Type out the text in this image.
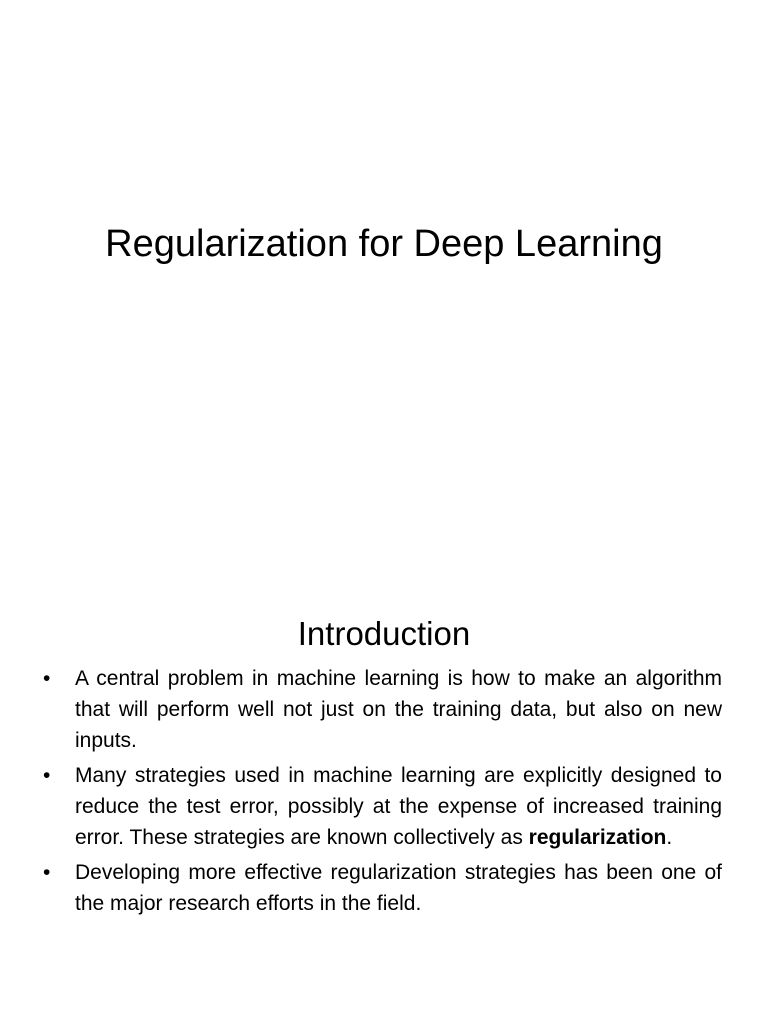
Regularization for Deep Learning
Introduction
• A central problem in machine learning is how to make an algorithm that will perform well not just on the training data, but also on new inputs.
• Many strategies used in machine learning are explicitly designed to reduce the test error, possibly at the expense of increased training error. These strategies are known collectively as regularization.
• Developing more effective regularization strategies has been one of the major research efforts in the field.
